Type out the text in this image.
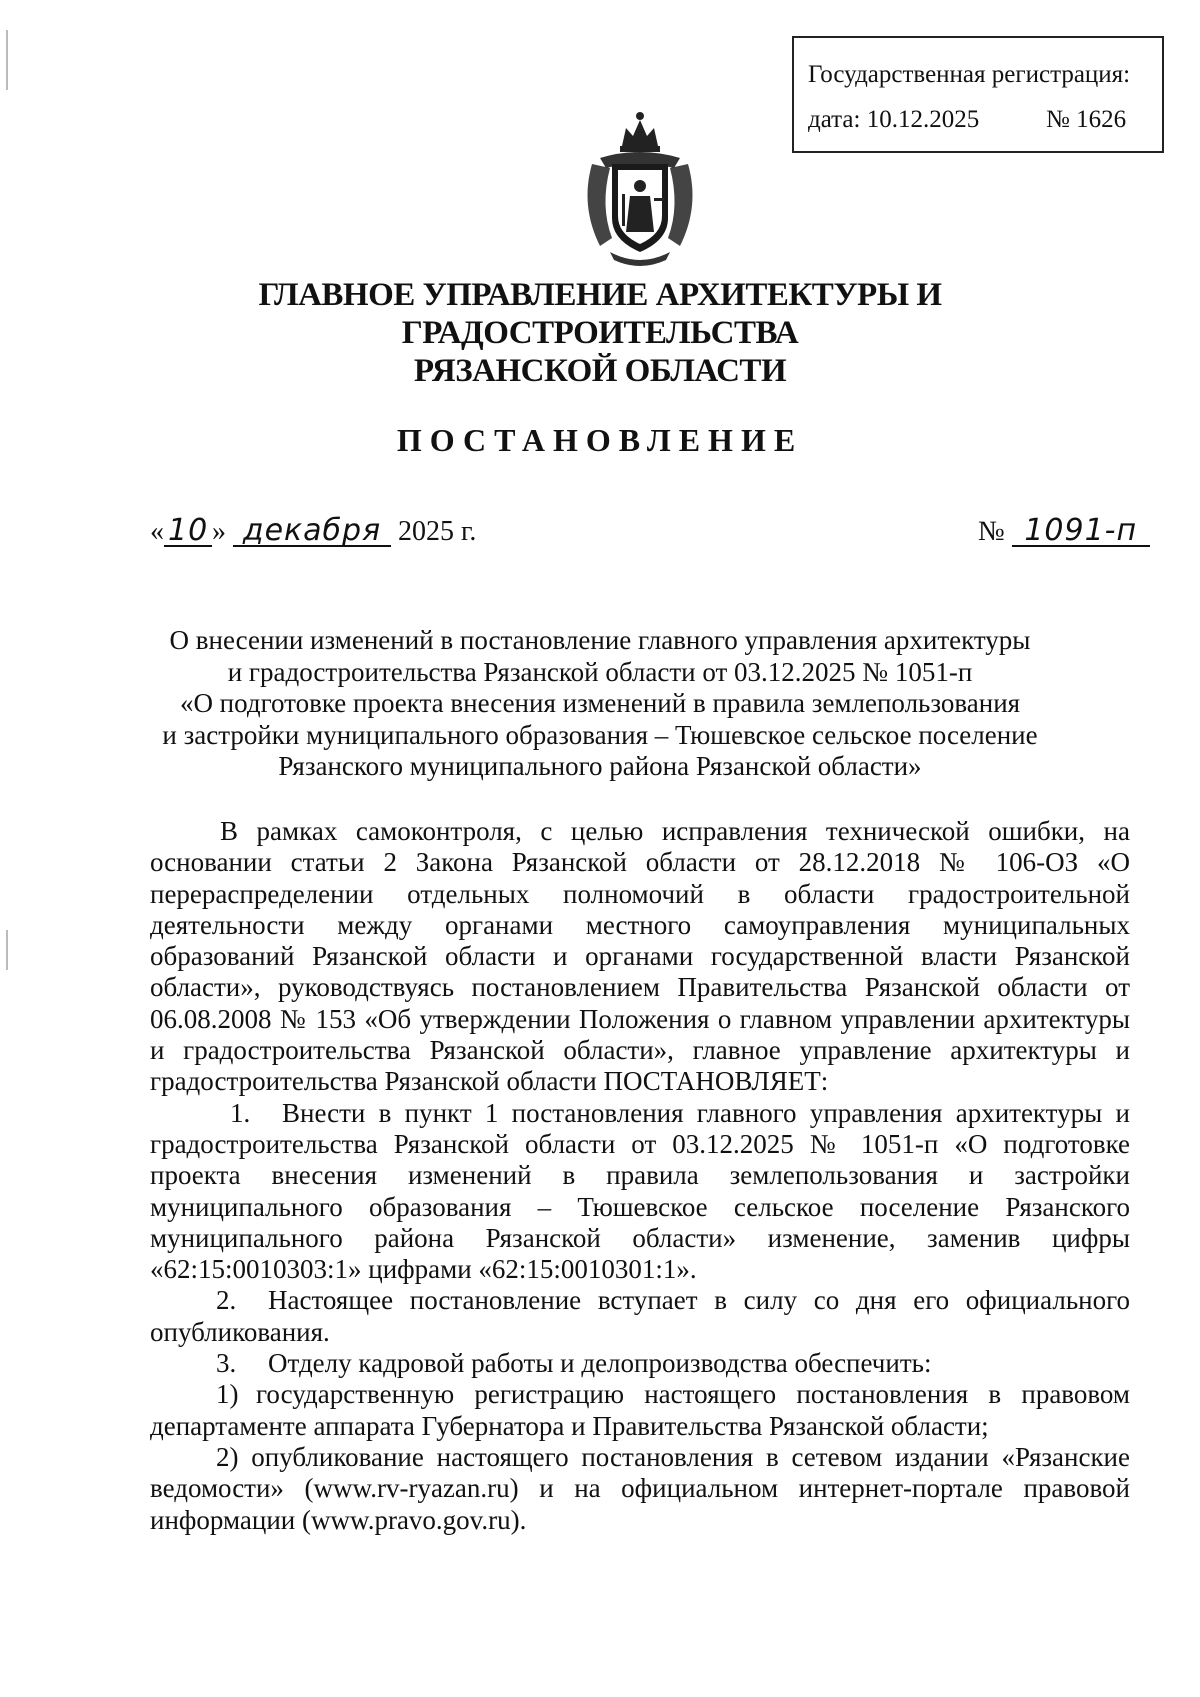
Государственная регистрация:
дата: 10.12.2025	№ 1626
ГЛАВНОЕ УПРАВЛЕНИЕ АРХИТЕКТУРЫ И ГРАДОСТРОИТЕЛЬСТВА
РЯЗАНСКОЙ ОБЛАСТИ
ПОСТАНОВЛЕНИЕ
« 10 » декабря 2025 г.	№ 1091-п
О внесении изменений в постановление главного управления архитектуры
и градостроительства Рязанской области от 03.12.2025 № 1051-п
«О подготовке проекта внесения изменений в правила землепользования
и застройки муниципального образования – Тюшевское сельское поселение
Рязанского муниципального района Рязанской области»

В рамках самоконтроля, с целью исправления технической ошибки, на основании статьи 2 Закона Рязанской области от 28.12.2018 № 106-ОЗ «О перераспределении отдельных полномочий в области градостроительной деятельности между органами местного самоуправления муниципальных образований Рязанской области и органами государственной власти Рязанской области», руководствуясь постановлением Правительства Рязанской области от 06.08.2008 № 153 «Об утверждении Положения о главном управлении архитектуры и градостроительства Рязанской области», главное управление архитектуры и градостроительства Рязанской области ПОСТАНОВЛЯЕТ:

1. Внести в пункт 1 постановления главного управления архитектуры и градостроительства Рязанской области от 03.12.2025 № 1051-п «О подготовке проекта внесения изменений в правила землепользования и застройки муниципального образования – Тюшевское сельское поселение Рязанского муниципального района Рязанской области» изменение, заменив цифры «62:15:0010303:1» цифрами «62:15:0010301:1».

2. Настоящее постановление вступает в силу со дня его официального опубликования.

3. Отделу кадровой работы и делопроизводства обеспечить:

1) государственную регистрацию настоящего постановления в правовом департаменте аппарата Губернатора и Правительства Рязанской области;

2) опубликование настоящего постановления в сетевом издании «Рязанские ведомости» (www.rv-ryazan.ru) и на официальном интернет-портале правовой информации (www.pravo.gov.ru).
